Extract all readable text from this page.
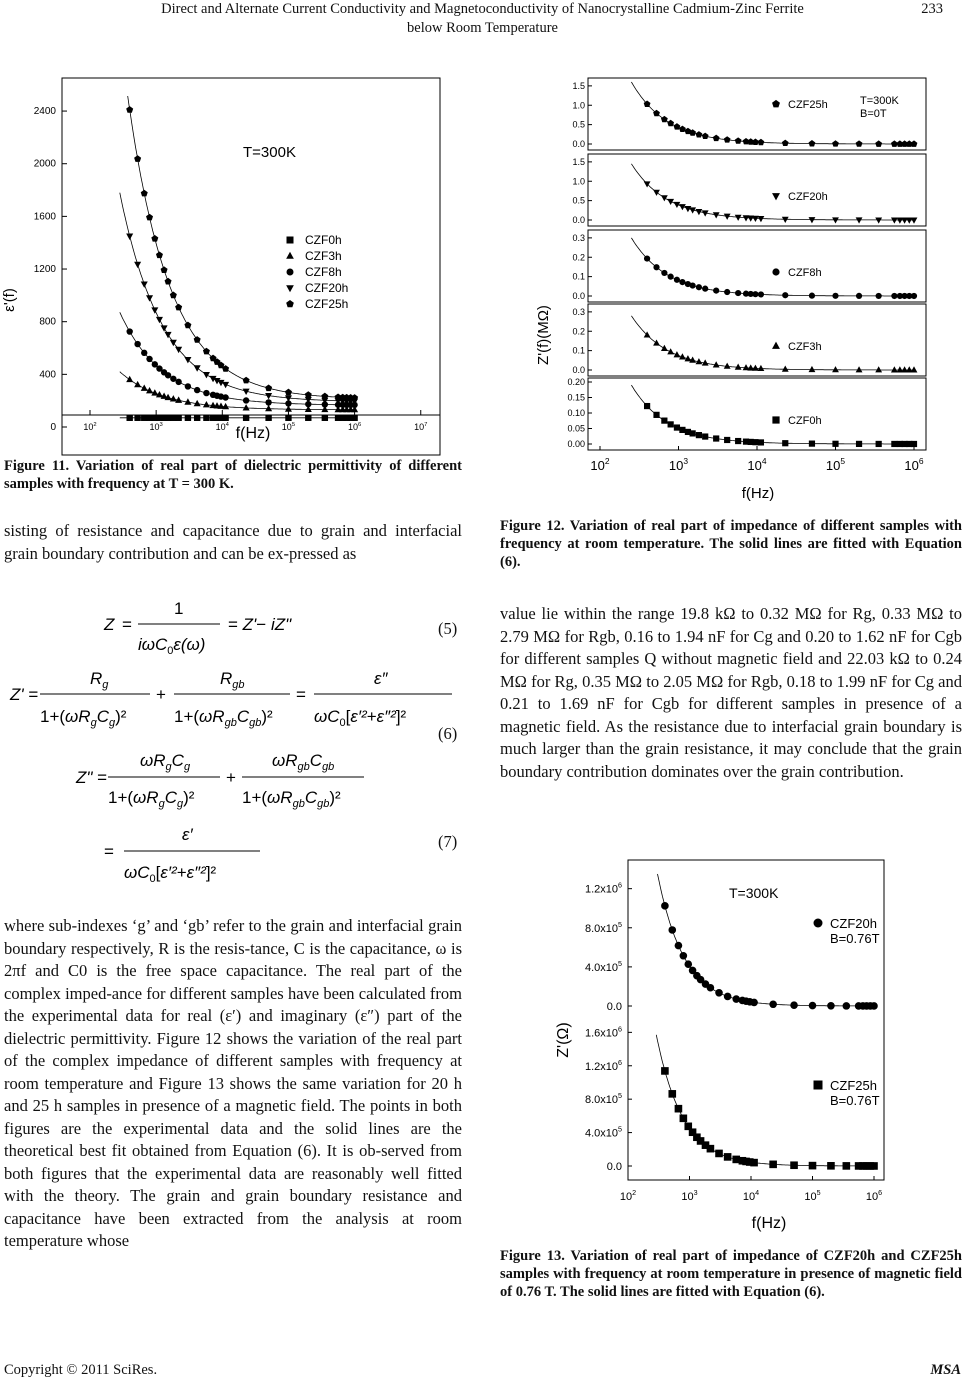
Direct and Alternate Current Conductivity and Magnetoconductivity of Nanocrystalline Cadmium-Zinc Ferrite
below Room Temperature
233
0
400
800
1200
1600
2000
2400
$10^2$	$10^3$	$10^4$	$10^5$	$10^6$	$10^7$
ε'(f)
f(Hz)
T=300K
CZF0h
CZF3h
CZF8h
CZF20h
CZF25h
Figure 11. Variation of real part of dielectric permittivity of different samples with frequency at T = 300 K.
sisting of resistance and capacitance due to grain and interfacial grain boundary contribution and can be ex-pressed as
Z =
1
iωC$_0$ε(ω)
= Z'− iZ"
Z' =
$R_g$
$1+(\omega R_gC_g)^2$
+
$R_{gb}$
$1+(\omega R_{gb}C_{gb})^2$
=
ε″
$\omega C_0[\varepsilon'^2+\varepsilon''^2]^2$
Z" =
$\omega R_gC_g$
$1+(\omega R_gC_g)^2$
+
$\omega R_{gb}C_{gb}$
$1+(\omega R_{gb}C_{gb})^2$
=
ε′
$\omega C_0[\varepsilon'^2+\varepsilon''^2]^2$
(5)
(6)
(7)
where sub-indexes ‘g’ and ‘gb’ refer to the grain and interfacial grain boundary respectively, R is the resis-tance, C is the capacitance, ω is 2πf and C0 is the free space capacitance. The real part of the complex imped-ance for different samples have been calculated from the experimental data for real (ε′) and imaginary (ε″) part of the dielectric permittivity. Figure 12 shows the variation of the real part of the complex impedance of different samples with frequency at room temperature and Figure 13 shows the same variation for 20 h and 25 h samples in presence of a magnetic field. The points in both figures are the experimental data and the solid lines are the theoretical best fit obtained from Equation (6). It is ob-served from both figures that the experimental data are reasonably well fitted with the theory. The grain and grain boundary resistance and capacitance have been extracted from the analysis at room temperature whose
0.0
0.5
1.0
1.5
CZF25h
0.0
0.5
1.0
1.5
CZF20h
0.0
0.1
0.2
0.3
CZF8h
0.0
0.1
0.2
0.3
CZF3h
0.00
0.05
0.10
0.15
0.20
CZF0h
$10^2$	$10^3$	$10^4$	$10^5$	$10^6$
Z'(f)(MΩ)
f(Hz)
T=300K
B=0T
Figure 12. Variation of real part of impedance of different samples with frequency at room temperature. The solid lines are fitted with Equation (6).
value lie within the range 19.8 kΩ to 0.32 MΩ for Rg, 0.33 MΩ to 2.79 MΩ for Rgb, 0.16 to 1.94 nF for Cg and 0.20 to 1.62 nF for Cgb for different samples Q without magnetic field and 22.03 kΩ to 0.24 MΩ for Rg, 0.35 MΩ to 2.05 MΩ for Rgb, 0.18 to 1.99 nF for Cg and 0.21 to 1.69 nF for Cgb for different samples in presence of a magnetic field. As the resistance due to interfacial grain boundary is much larger than the grain resistance, it may conclude that the grain boundary contribution dominates over the grain contribution.
0.0
$4.0x10^5$
$8.0x10^5$
$1.2x10^6$
CZF20h
B=0.76T
0.0
$4.0x10^5$
$8.0x10^5$
$1.2x10^6$
$1.6x10^6$
CZF25h
B=0.76T
$10^2$	$10^3$	$10^4$	$10^5$	$10^6$
Z'(Ω)
f(Hz)
T=300K
Figure 13. Variation of real part of impedance of CZF20h and CZF25h samples with frequency at room temperature in presence of magnetic field of 0.76 T. The solid lines are fitted with Equation (6).
Copyright © 2011 SciRes.	MSA
